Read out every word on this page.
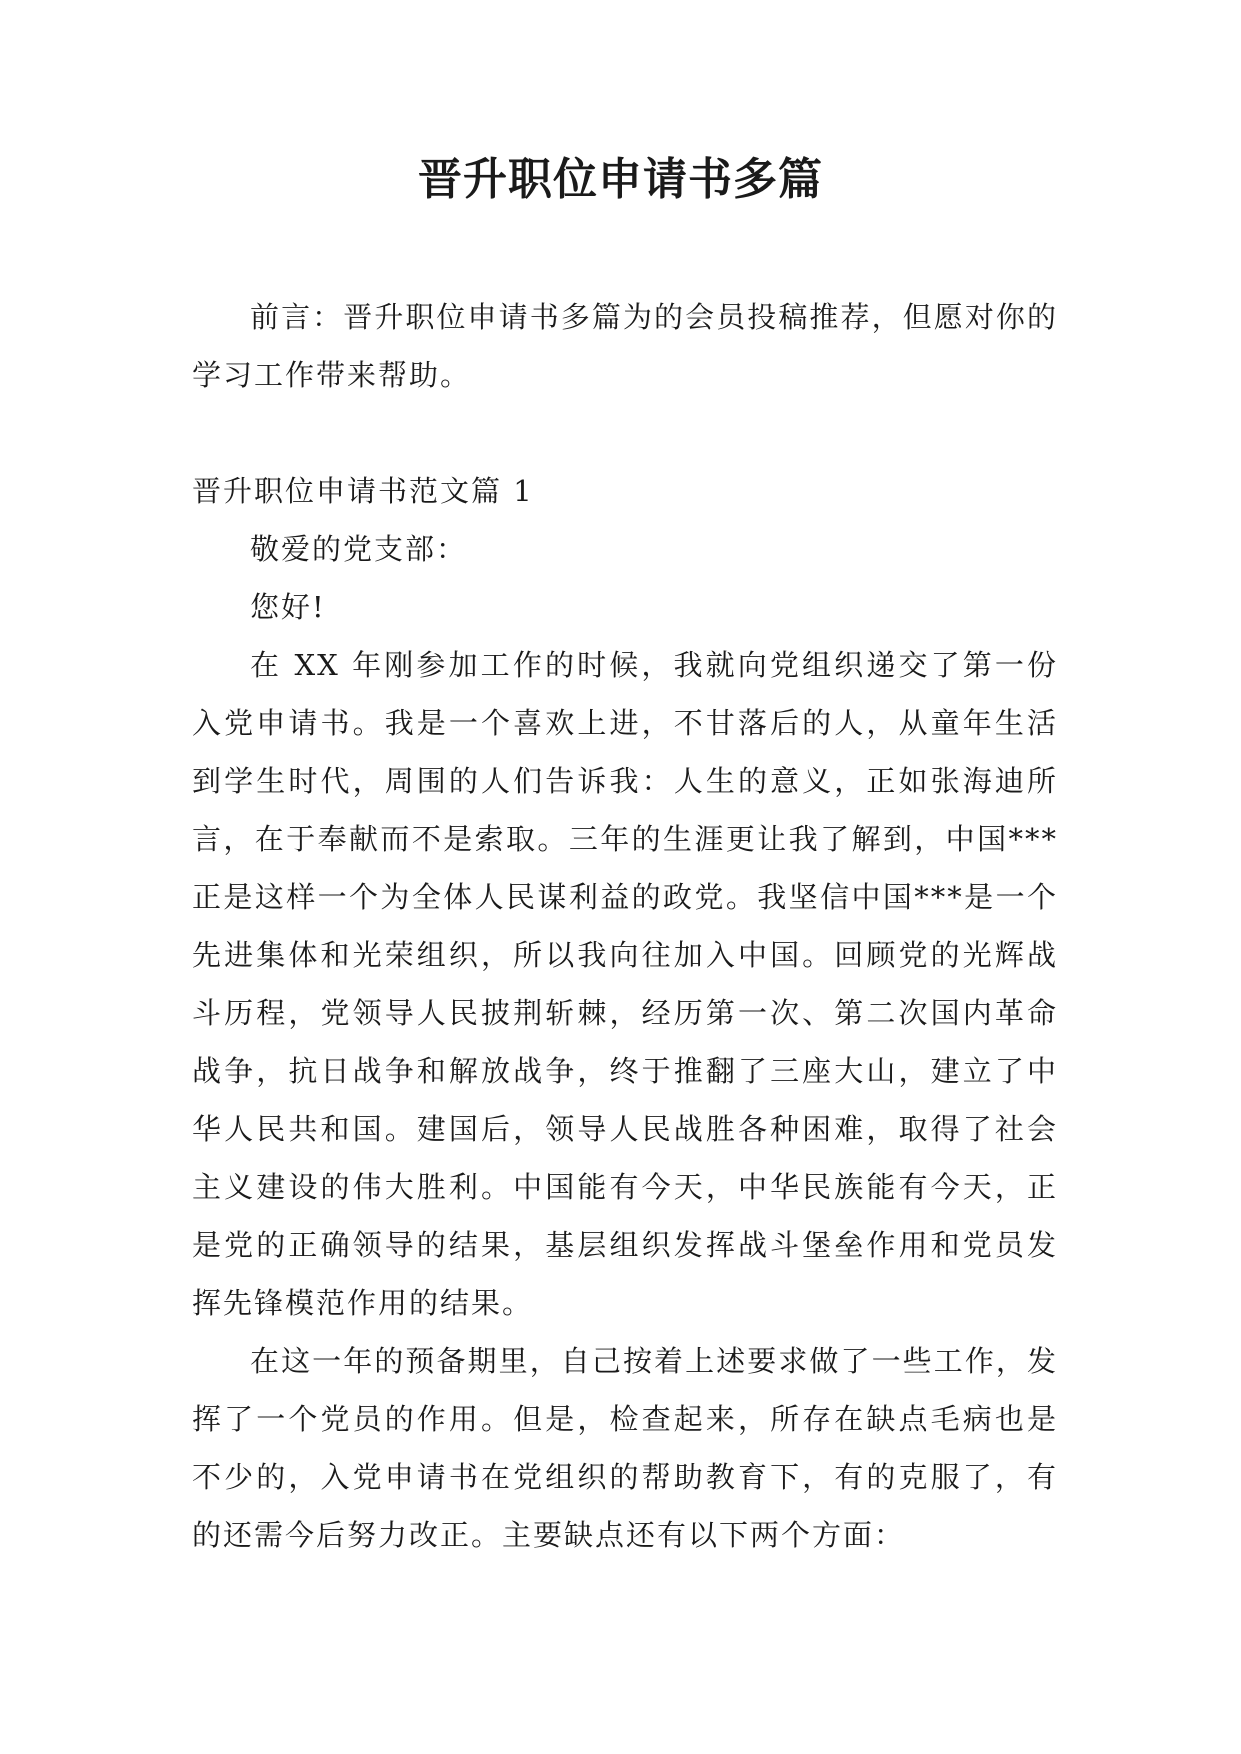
晋升职位申请书多篇

前言：晋升职位申请书多篇为的会员投稿推荐，但愿对你的学习工作带来帮助。

晋升职位申请书范文篇 1

敬爱的党支部：

您好!

在 XX 年刚参加工作的时候，我就向党组织递交了第一份入党申请书。我是一个喜欢上进，不甘落后的人，从童年生活到学生时代，周围的人们告诉我：人生的意义，正如张海迪所言，在于奉献而不是索取。三年的生涯更让我了解到，中国***正是这样一个为全体人民谋利益的政党。我坚信中国***是一个先进集体和光荣组织，所以我向往加入中国。回顾党的光辉战斗历程，党领导人民披荆斩棘，经历第一次、第二次国内革命战争，抗日战争和解放战争，终于推翻了三座大山，建立了中华人民共和国。建国后，领导人民战胜各种困难，取得了社会主义建设的伟大胜利。中国能有今天，中华民族能有今天，正是党的正确领导的结果，基层组织发挥战斗堡垒作用和党员发挥先锋模范作用的结果。

在这一年的预备期里，自己按着上述要求做了一些工作，发挥了一个党员的作用。但是，检查起来，所存在缺点毛病也是不少的，入党申请书在党组织的帮助教育下，有的克服了，有的还需今后努力改正。主要缺点还有以下两个方面：
